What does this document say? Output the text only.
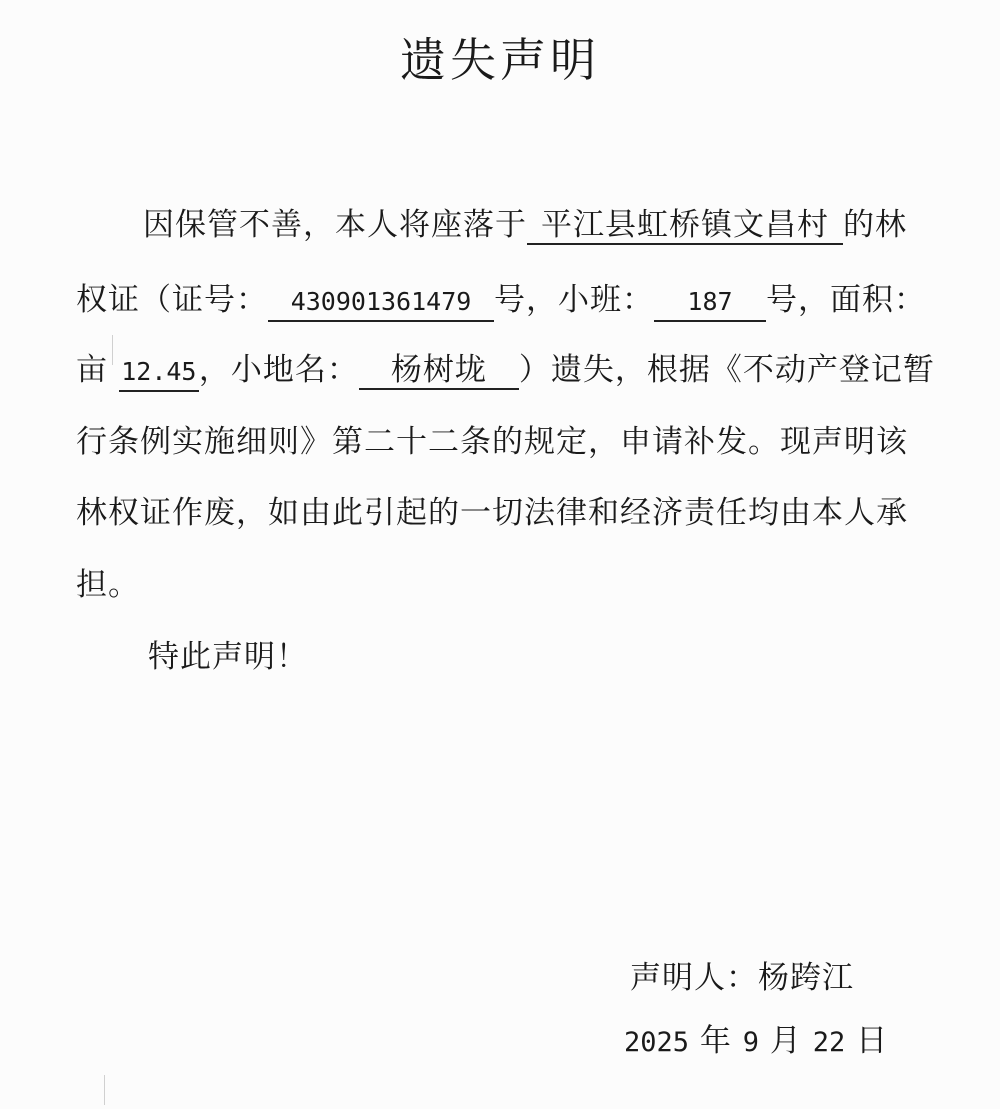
遗失声明
因保管不善，本人将座落于 平江县虹桥镇文昌村 的林
权证（证号： 430901361479 号，小班： 187 号，面积：
亩 12.45，小地名： 杨树垅 ）遗失，根据《不动产登记暂
行条例实施细则》第二十二条的规定，申请补发。现声明该
林权证作废，如由此引起的一切法律和经济责任均由本人承
担。
特此声明！
声明人：杨跨江
2025 年 9 月 22 日
